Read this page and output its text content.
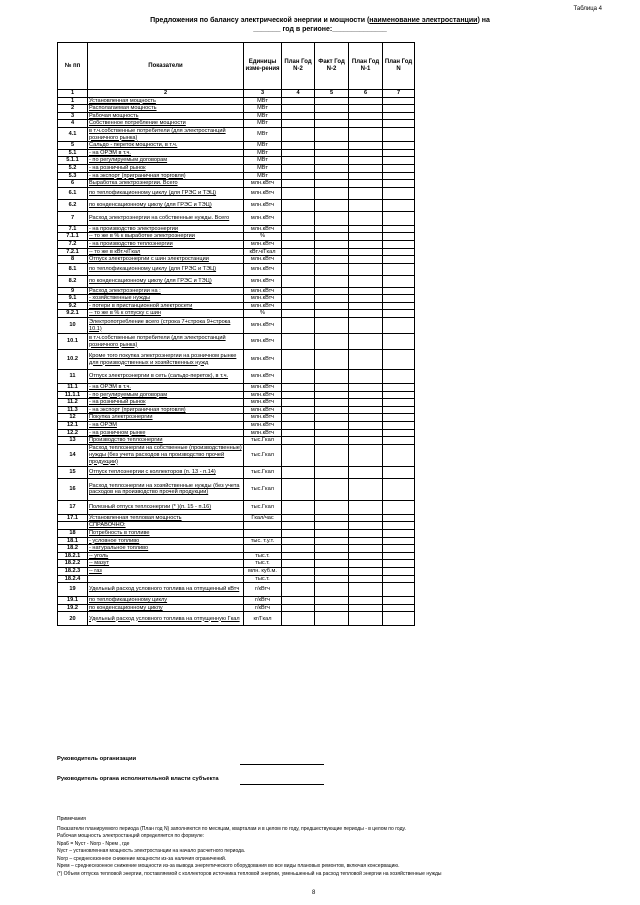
Таблица 4
Предложения по балансу электрической энергии и мощности (наименование электростанции) на
_______ год в регионе:______________
№ пп	Показатели	Единицы изме-рения	План Год N-2	Факт Год N-2	План Год N-1	План Год N
1	2	3	4	5	6	7
1	Установленная мощность	МВт				
2	Располагаемая мощность	МВт				
3	Рабочая мощность	МВт				
4	Собственное потребление мощности	МВт				
4.1	в т.ч.собственные потребители (для электростанций розничного рынка)	МВт				
5	Сальдо - переток мощности, в т.ч.	МВт				
5.1	- на ОРЭМ в т.ч.	МВт				
5.1.1	- по регулируемым договорам	МВт				
5.2	- на розничный рынок	МВт				
5.3	- на экспорт (приграничная торговля)	МВт				
6	Выработка электроэнергии. Всего	млн.кВтч				
6.1	по теплофикационному циклу (для ГРЭС и ТЭЦ)	млн.кВтч				
6.2	по конденсационному циклу (для ГРЭС и ТЭЦ)	млн.кВтч				
7	Расход электроэнергии на собственные нужды. Всего	млн.кВтч				
7.1	- на производство электроэнергии	млн.кВтч				
7.1.1	-- то же в % к выработке электроэнергии	%				
7.2	- на производство теплоэнергии	млн.кВтч				
7.2.1	-- то же в кВт.ч/Гкал	кВт.ч/Гкал				
8	Отпуск электроэнергии с шин электростанции	млн.кВтч				
8.1	по теплофикационному циклу (для ГРЭС и ТЭЦ)	млн.кВтч				
8.2	по конденсационному циклу (для ГРЭС и ТЭЦ)	млн.кВтч				
9	Расход электроэнергии на :	млн.кВтч				
9.1	- хозяйственные нужды	млн.кВтч				
9.2	- потери в пристанционной электросети	млн.кВтч				
9.2.1	-- то же в % к отпуску с шин	%				
10	Электропотребление всего (строка 7+строка 9+строка 10.1)	млн.кВтч				
10.1	в т.ч.собственные потребители (для электростанций розничного рынка)	млн.кВтч				
10.2	Кроме того покупка электроэнергии на розничном рынке для производственных и хозяйственных нужд	млн.кВтч				
11	Отпуск электроэнергии в сеть (сальдо-переток), в т.ч.	млн.кВтч				
11.1	- на ОРЭМ в т.ч.	млн.кВтч				
11.1.1	- по регулируемым договорам	млн.кВтч				
11.2	- на розничный рынок	млн.кВтч				
11.3	- на экспорт (приграничная торговля)	млн.кВтч				
12	Покупка электроэнергии	млн.кВтч				
12.1	- на ОРЭМ	млн.кВтч				
12.2	- на розничном рынке	млн.кВтч				
13	Производство теплоэнергии	тыс.Гкал				
14	Расход теплоэнергии на собственные (производственные) нужды (без учета расходов на производство прочей продукции)	тыс.Гкал				
15	Отпуск теплоэнергии с коллекторов (п. 13 - п.14)	тыс.Гкал				
16	Расход теплоэнергии на хозяйственные нужды (без учета расходов на производство прочей продукции)	тыс.Гкал				
17	Полезный отпуск теплоэнергии (* )(п. 15 - п.16)	тыс.Гкал				
17.1	Установленная тепловая мощность	Гкал/час				
	СПРАВОЧНО:					
18	Потребность в топливе					
18.1	- условное топливо	тыс. т.у.т.				
18.2	- натуральное топливо					
18.2.1	-- уголь	тыс.т.				
18.2.2	-- мазут	тыс.т.				
18.2.3	-- газ	млн. куб.м.				
18.2.4		тыс.т.				
19	Удельный расход условного топлива на отпущенный кВтч	г/кВтч				
19.1	по теплофикационному циклу	г/кВтч				
19.2	по конденсационному циклу	г/кВтч				
20	Удельный расход условного топлива на отпущенную Гкал	кг/Гкал				
Руководитель организации
Руководитель органа исполнительной власти субъекта
Примечания
Показатели планируемого периода (План год N) заполняются по месяцам, кварталам и в целом по году, предшествующие периоды - в целом по году.
Рабочая мощность электростанций определяется по формуле:
Npa6 = Nуст - Nогр - Nрем , где
Nуст – установленная мощность электростанции на начало расчетного периода.
Nогр – среднесезонное снижение мощности из-за наличия ограничений.
Nрем – среднесезонное снижение мощности из-за вывода энергетического оборудования во все виды плановых ремонтов, включая консервацию.
(*) Объем отпуска тепловой энергии, поставляемой с коллекторов источника тепловой энергии, уменьшенный на расход тепловой энергии на хозяйственные нужды
8
